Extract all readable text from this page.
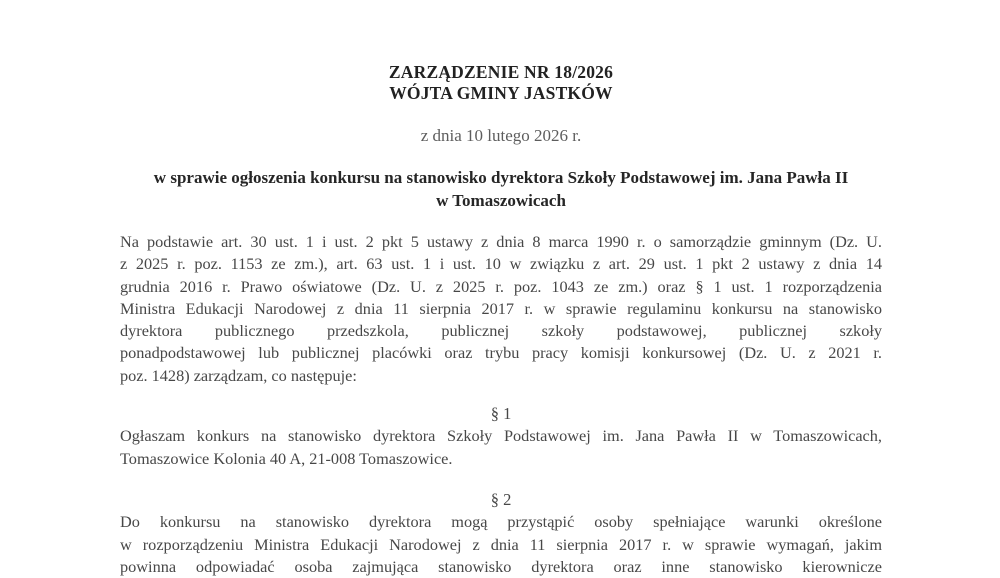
ZARZĄDZENIE NR 18/2026
WÓJTA GMINY JASTKÓW
z dnia 10 lutego 2026 r.
w sprawie ogłoszenia konkursu na stanowisko dyrektora Szkoły Podstawowej im. Jana Pawła II
w Tomaszowicach
Na podstawie art. 30 ust. 1 i ust. 2 pkt 5 ustawy z dnia 8 marca 1990 r. o samorządzie gminnym (Dz. U.
z 2025 r. poz. 1153 ze zm.), art. 63 ust. 1 i ust. 10 w związku z art. 29 ust. 1 pkt 2 ustawy z dnia 14
grudnia 2016 r. Prawo oświatowe (Dz. U. z 2025 r. poz. 1043 ze zm.) oraz § 1 ust. 1 rozporządzenia
Ministra Edukacji Narodowej z dnia 11 sierpnia 2017 r. w sprawie regulaminu konkursu na stanowisko
dyrektora publicznego przedszkola, publicznej szkoły podstawowej, publicznej szkoły
ponadpodstawowej lub publicznej placówki oraz trybu pracy komisji konkursowej (Dz. U. z 2021 r.
poz. 1428) zarządzam, co następuje:
§ 1
Ogłaszam konkurs na stanowisko dyrektora Szkoły Podstawowej im. Jana Pawła II w Tomaszowicach,
Tomaszowice Kolonia 40 A, 21-008 Tomaszowice.
§ 2
Do konkursu na stanowisko dyrektora mogą przystąpić osoby spełniające warunki określone
w rozporządzeniu Ministra Edukacji Narodowej z dnia 11 sierpnia 2017 r. w sprawie wymagań, jakim
powinna odpowiadać osoba zajmująca stanowisko dyrektora oraz inne stanowisko kierownicze
